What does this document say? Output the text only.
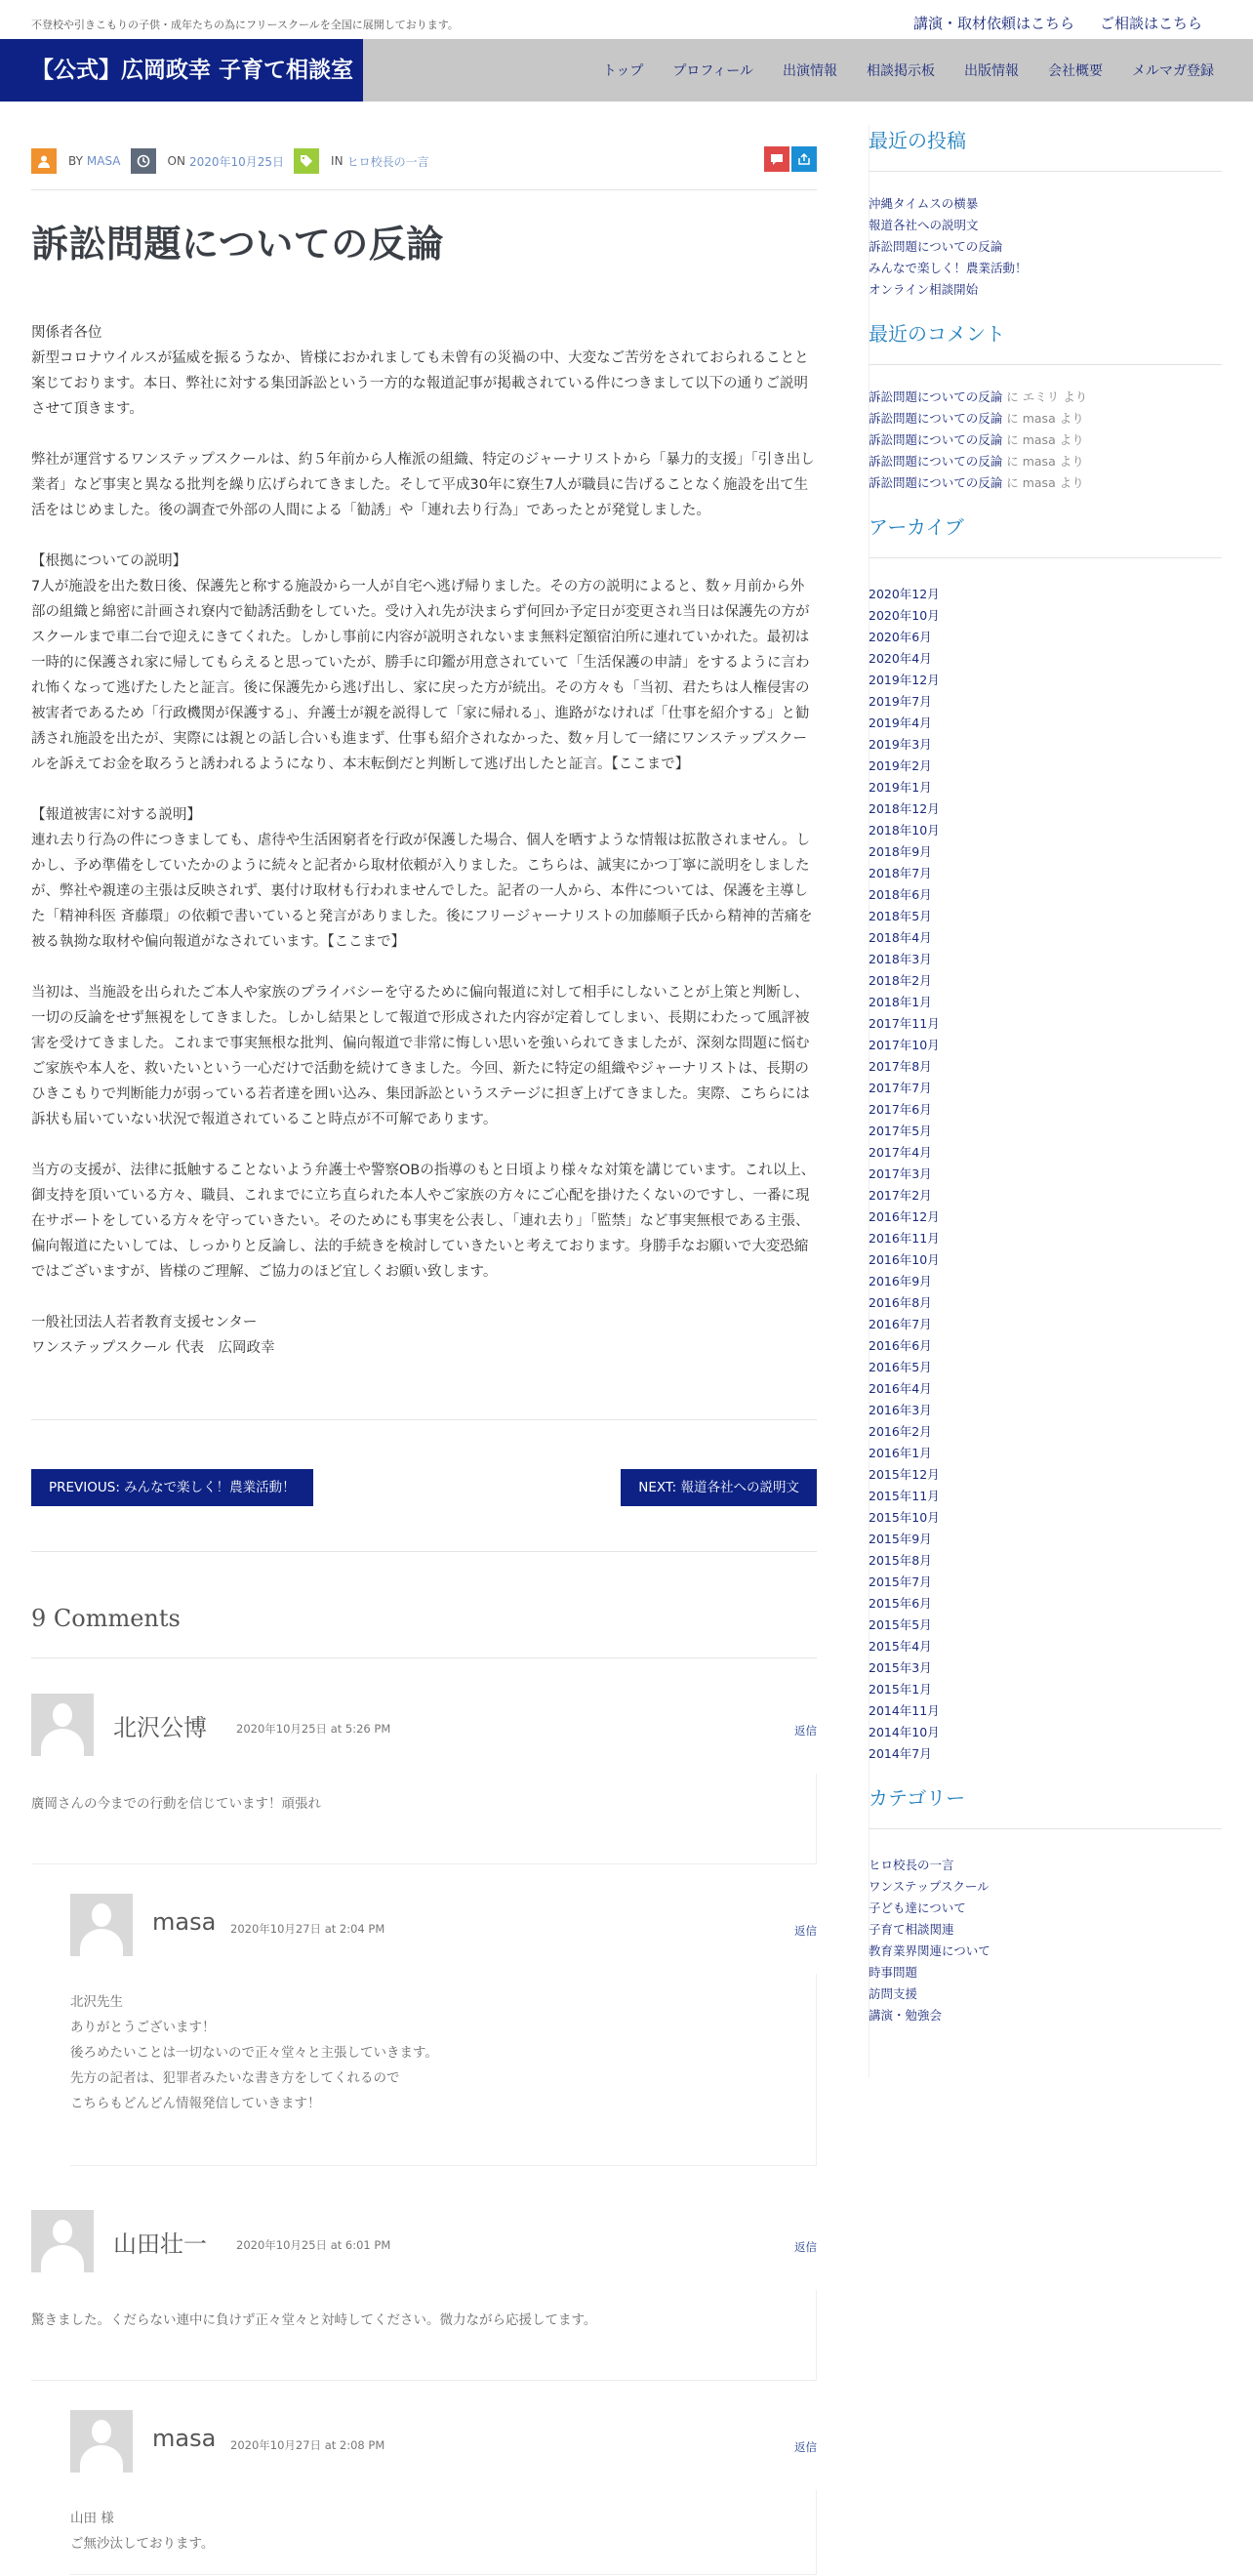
不登校や引きこもりの子供・成年たちの為にフリースクールを全国に展開しております。	講演・取材依頼はこちら ご相談はこちら
【公式】広岡政幸 子育て相談室	トップ プロフィール 出演情報 相談掲示板 出版情報 会社概要 メルマガ登録
BY MASA	ON 2020年10月25日	IN ヒロ校長の一言
訴訟問題についての反論

関係者各位
新型コロナウイルスが猛威を振るうなか、皆様におかれましても未曾有の災禍の中、大変なご苦労をされておられることと案じております。本日、弊社に対する集団訴訟という一方的な報道記事が掲載されている件につきまして以下の通りご説明させて頂きます。

弊社が運営するワンステップスクールは、約５年前から人権派の組織、特定のジャーナリストから「暴力的支援」「引き出し業者」など事実と異なる批判を繰り広げられてきました。そして平成30年に寮生7人が職員に告げることなく施設を出て生活をはじめました。後の調査で外部の人間による「勧誘」や「連れ去り行為」であったとが発覚しました。

【根拠についての説明】
7人が施設を出た数日後、保護先と称する施設から一人が自宅へ逃げ帰りました。その方の説明によると、数ヶ月前から外部の組織と綿密に計画され寮内で勧誘活動をしていた。受け入れ先が決まらず何回か予定日が変更され当日は保護先の方がスクールまで車二台で迎えにきてくれた。しかし事前に内容が説明されないまま無料定額宿泊所に連れていかれた。最初は一時的に保護され家に帰してもらえると思っていたが、勝手に印鑑が用意されていて「生活保護の申請」をするように言われ怖くなって逃げたしたと証言。後に保護先から逃げ出し、家に戻った方が続出。その方々も「当初、君たちは人権侵害の被害者であるため「行政機関が保護する」、弁護士が親を説得して「家に帰れる」、進路がなければ「仕事を紹介する」と勧誘され施設を出たが、実際には親との話し合いも進まず、仕事も紹介されなかった、数ヶ月して一緒にワンステップスクールを訴えてお金を取ろうと誘われるようになり、本末転倒だと判断して逃げ出したと証言。【ここまで】

【報道被害に対する説明】
連れ去り行為の件につきましても、虐待や生活困窮者を行政が保護した場合、個人を晒すような情報は拡散されません。しかし、予め準備をしていたかのように続々と記者から取材依頼が入りました。こちらは、誠実にかつ丁寧に説明をしましたが、弊社や親達の主張は反映されず、裏付け取材も行われませんでした。記者の一人から、本件については、保護を主導した「精神科医 斉藤環」の依頼で書いていると発言がありました。後にフリージャーナリストの加藤順子氏から精神的苦痛を被る執拗な取材や偏向報道がなされています。【ここまで】

当初は、当施設を出られたご本人や家族のプライバシーを守るために偏向報道に対して相手にしないことが上策と判断し、一切の反論をせず無視をしてきました。しかし結果として報道で形成された内容が定着してしまい、長期にわたって風評被害を受けてきました。これまで事実無根な批判、偏向報道で非常に悔しい思いを強いられてきましたが、深刻な問題に悩むご家族や本人を、救いたいという一心だけで活動を続けてきました。今回、新たに特定の組織やジャーナリストは、長期のひきこもりで判断能力が弱っている若者達を囲い込み、集団訴訟というステージに担ぎ上げてきました。実際、こちらには訴状も届いていない状況で報道されていること時点が不可解であります。

当方の支援が、法律に抵触することないよう弁護士や警察OBの指導のもと日頃より様々な対策を講じています。これ以上、御支持を頂いている方々、職員、これまでに立ち直られた本人やご家族の方々にご心配を掛けたくないのですし、一番に現在サポートをしている方々を守っていきたい。そのためにも事実を公表し、「連れ去り」「監禁」など事実無根である主張、偏向報道にたいしては、しっかりと反論し、法的手続きを検討していきたいと考えております。身勝手なお願いで大変恐縮ではございますが、皆様のご理解、ご協力のほど宜しくお願い致します。

一般社団法人若者教育支援センター
ワンステップスクール 代表　広岡政幸

PREVIOUS: みんなで楽しく！農業活動！	NEXT: 報道各社への説明文
9 Comments
北沢公博	2020年10月25日 at 5:26 PM	返信
廣岡さんの今までの行動を信じています！頑張れ
masa 2020年10月27日 at 2:04 PM	返信
北沢先生
ありがとうございます！
後ろめたいことは一切ないので正々堂々と主張していきます。
先方の記者は、犯罪者みたいな書き方をしてくれるので
こちらもどんどん情報発信していきます！
山田壮一	2020年10月25日 at 6:01 PM	返信
驚きました。くだらない連中に負けず正々堂々と対峙してください。微力ながら応援してます。
masa 2020年10月27日 at 2:08 PM	返信
山田 様
ご無沙汰しております。
最近の投稿
沖縄タイムスの横暴
報道各社への説明文
訴訟問題についての反論
みんなで楽しく！農業活動！
オンライン相談開始
最近のコメント
訴訟問題についての反論 に エミリ より
訴訟問題についての反論 に masa より
訴訟問題についての反論 に masa より
訴訟問題についての反論 に masa より
訴訟問題についての反論 に masa より
アーカイブ
2020年12月
2020年10月
2020年6月
2020年4月
2019年12月
2019年7月
2019年4月
2019年3月
2019年2月
2019年1月
2018年12月
2018年10月
2018年9月
2018年7月
2018年6月
2018年5月
2018年4月
2018年3月
2018年2月
2018年1月
2017年11月
2017年10月
2017年8月
2017年7月
2017年6月
2017年5月
2017年4月
2017年3月
2017年2月
2016年12月
2016年11月
2016年10月
2016年9月
2016年8月
2016年7月
2016年6月
2016年5月
2016年4月
2016年3月
2016年2月
2016年1月
2015年12月
2015年11月
2015年10月
2015年9月
2015年8月
2015年7月
2015年6月
2015年5月
2015年4月
2015年3月
2015年1月
2014年11月
2014年10月
2014年7月
カテゴリー
ヒロ校長の一言
ワンステップスクール
子ども達について
子育て相談関連
教育業界関連について
時事問題
訪問支援
講演・勉強会
